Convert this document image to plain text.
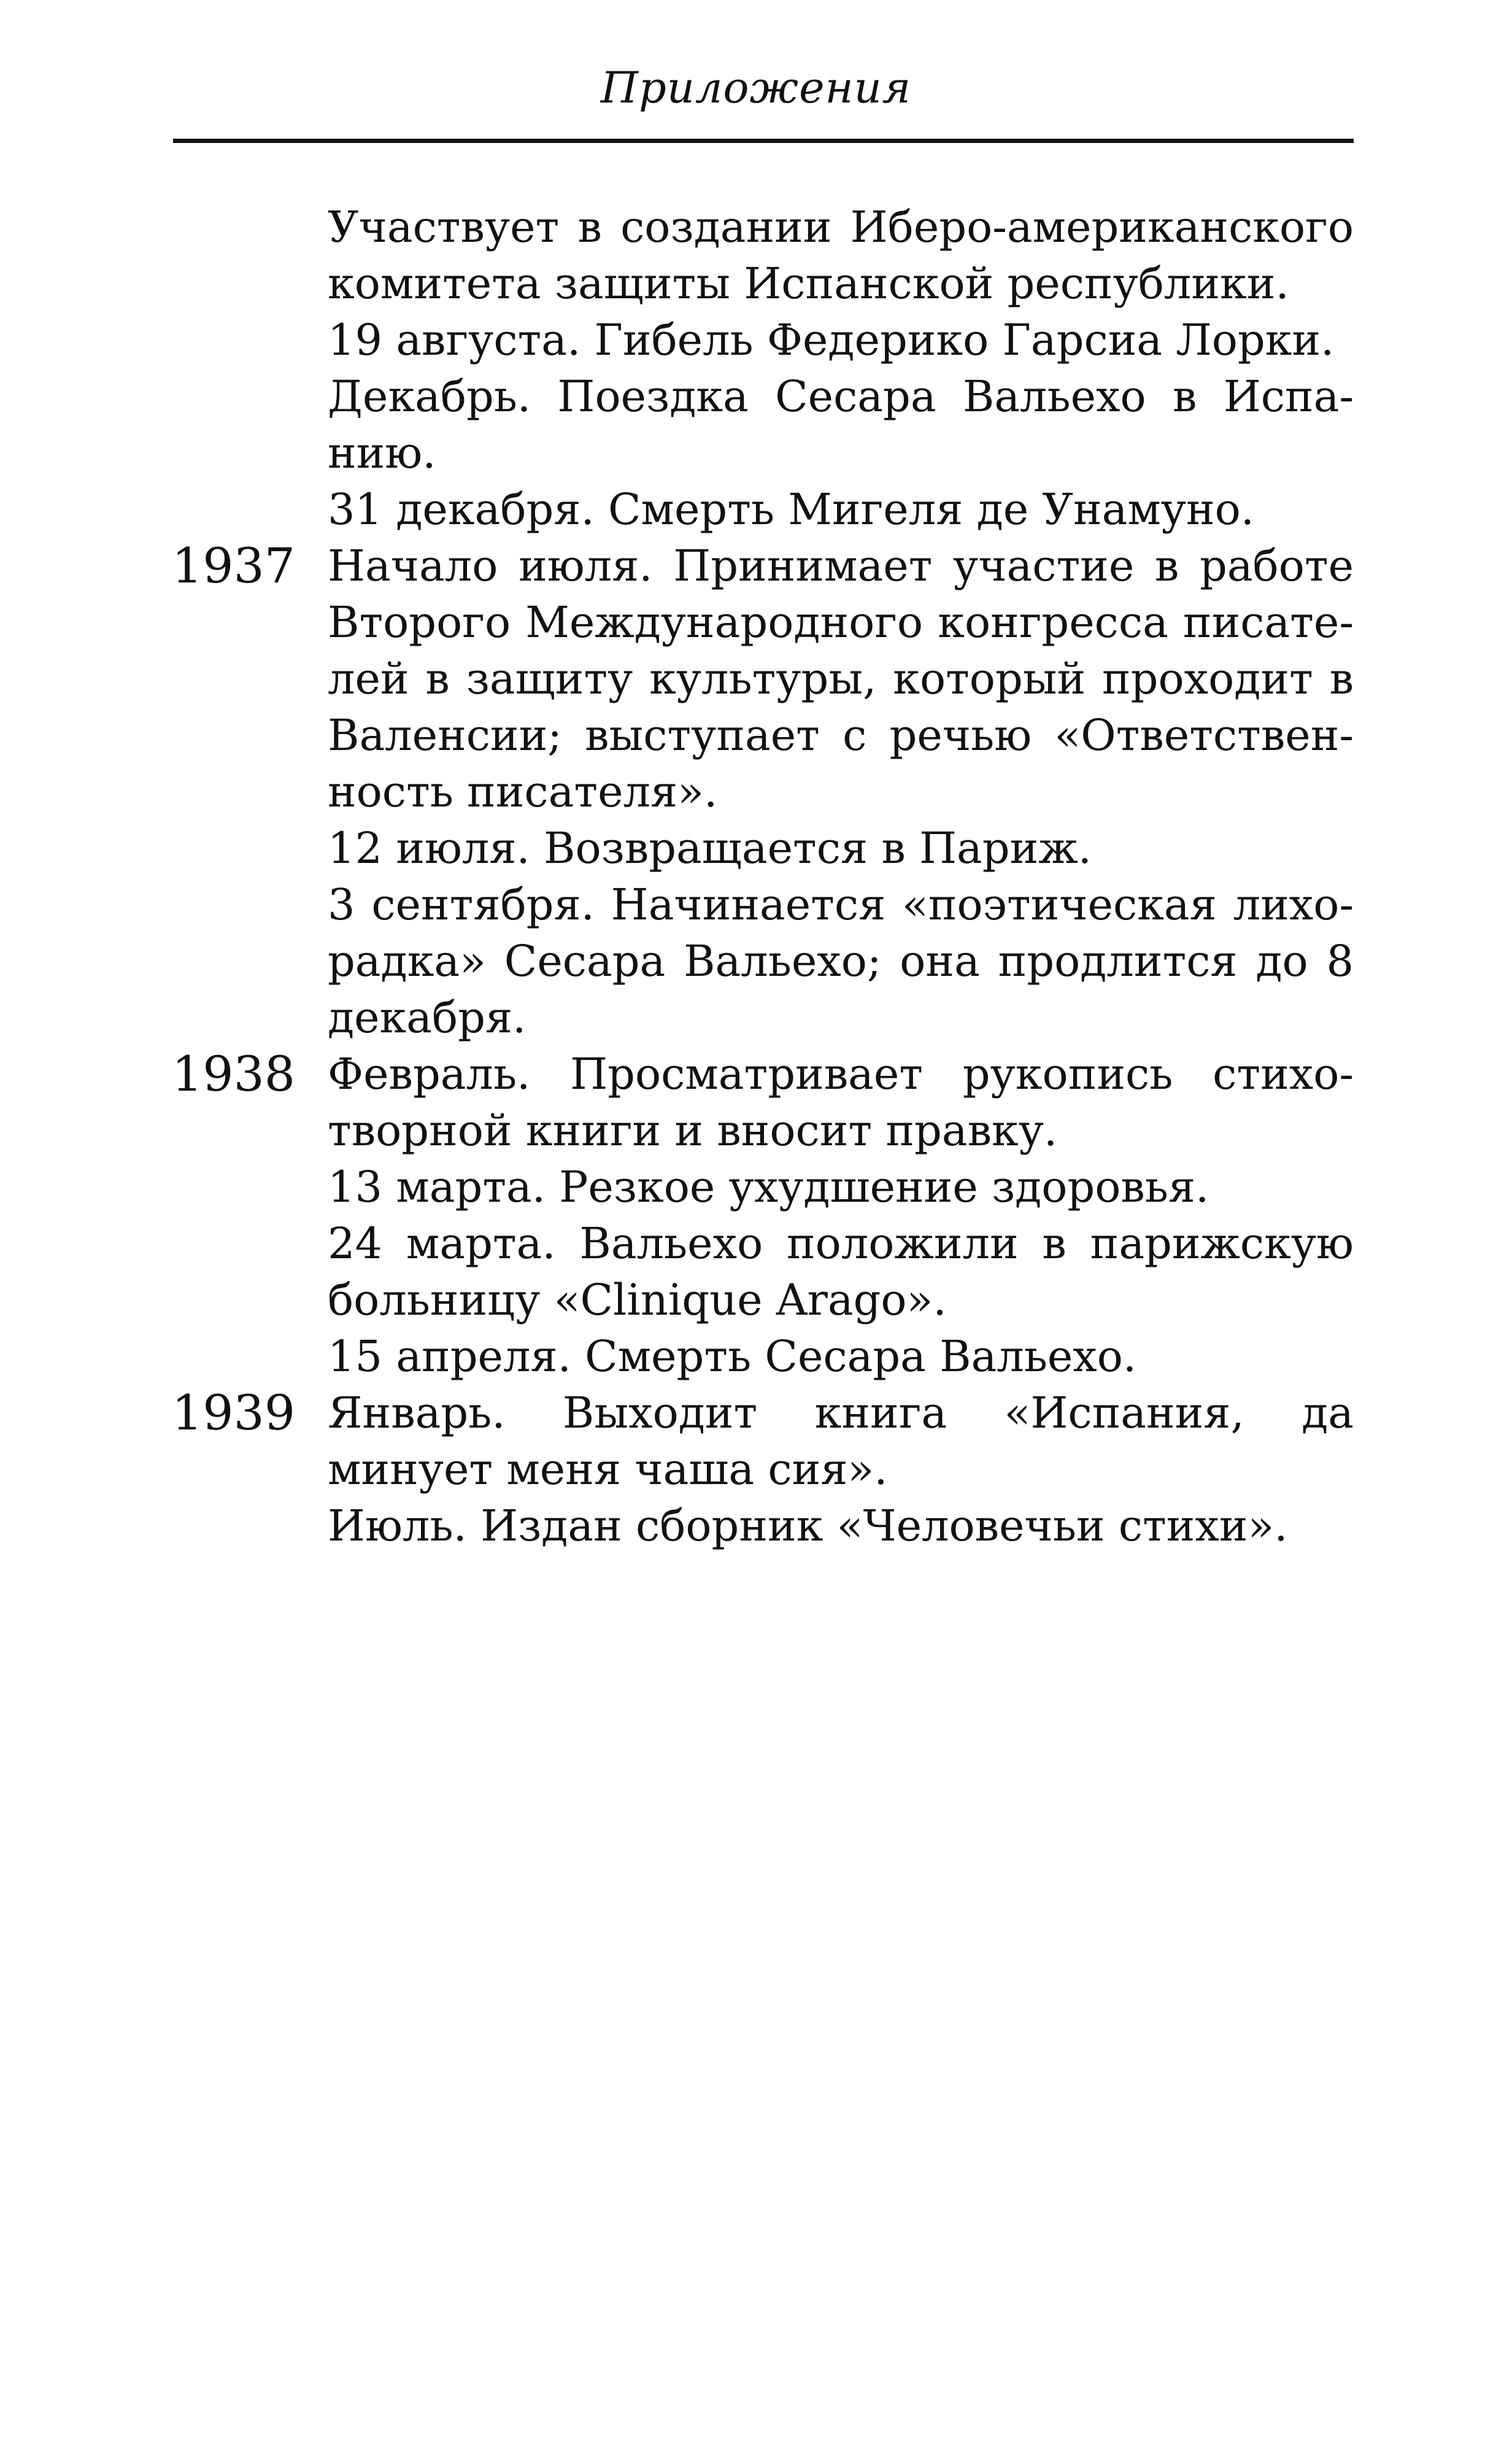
Приложения

Участвует в создании Иберо-американского комитета защиты Испанской республики.

19 августа. Гибель Федерико Гарсиа Лорки.

Декабрь. Поездка Сесара Вальехо в Испанию.

31 декабря. Смерть Мигеля де Унамуно.

1937 Начало июля. Принимает участие в работе Второго Международного конгресса писателей в защиту культуры, который проходит в Валенсии; выступает с речью «Ответственность писателя».

12 июля. Возвращается в Париж.

3 сентября. Начинается «поэтическая лихорадка» Сесара Вальехо; она продлится до 8 декабря.

1938 Февраль. Просматривает рукопись стихотворной книги и вносит правку.

13 марта. Резкое ухудшение здоровья.

24 марта. Вальехо положили в парижскую больницу «Clinique Arago».

15 апреля. Смерть Сесара Вальехо.

1939 Январь. Выходит книга «Испания, да минует меня чаша сия».

Июль. Издан сборник «Человечьи стихи».
